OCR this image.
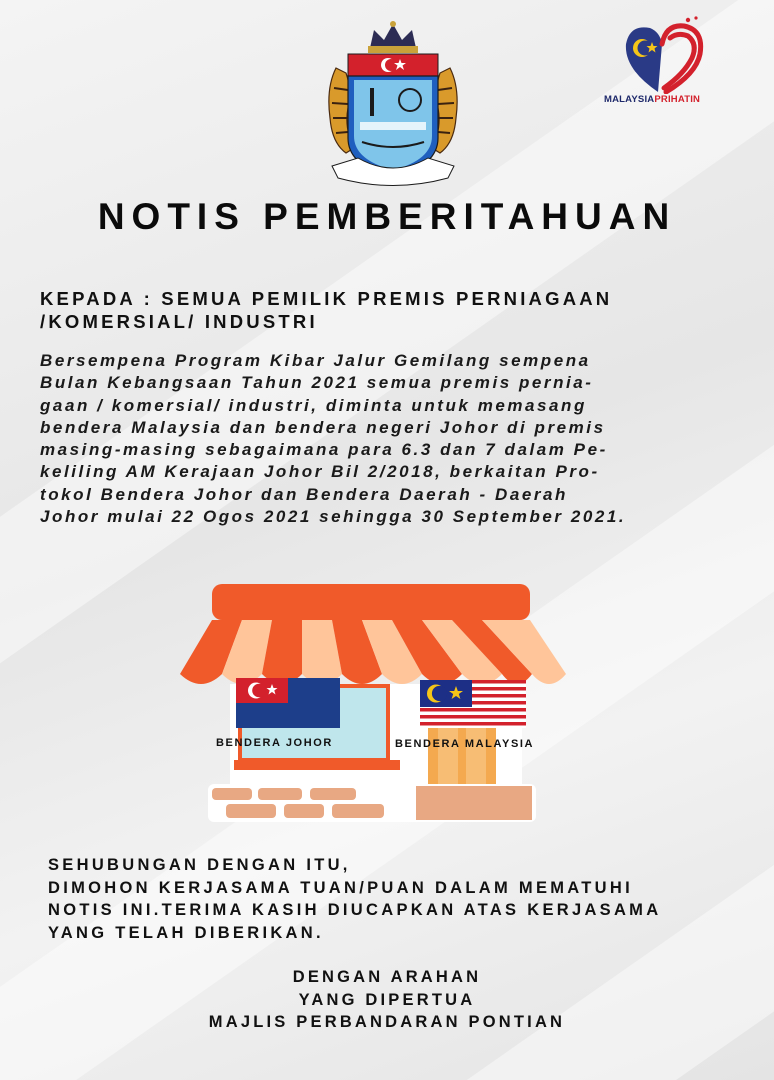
MALAYSIAPRIHATIN
NOTIS PEMBERITAHUAN
KEPADA : SEMUA PEMILIK PREMIS PERNIAGAAN
/KOMERSIAL/ INDUSTRI
Bersempena Program Kibar Jalur Gemilang sempena
Bulan Kebangsaan Tahun 2021 semua premis pernia-
gaan / komersial/ industri, diminta untuk memasang
bendera Malaysia dan bendera negeri Johor di premis
masing-masing sebagaimana para 6.3 dan 7 dalam Pe-
keliling AM Kerajaan Johor Bil 2/2018, berkaitan Pro-
tokol Bendera Johor dan Bendera Daerah - Daerah
Johor mulai 22 Ogos 2021 sehingga 30 September 2021.
BENDERA JOHOR	BENDERA MALAYSIA
SEHUBUNGAN DENGAN ITU,
DIMOHON KERJASAMA TUAN/PUAN DALAM MEMATUHI
NOTIS INI.TERIMA KASIH DIUCAPKAN ATAS KERJASAMA
YANG TELAH DIBERIKAN.
DENGAN ARAHAN
YANG DIPERTUA
MAJLIS PERBANDARAN PONTIAN
